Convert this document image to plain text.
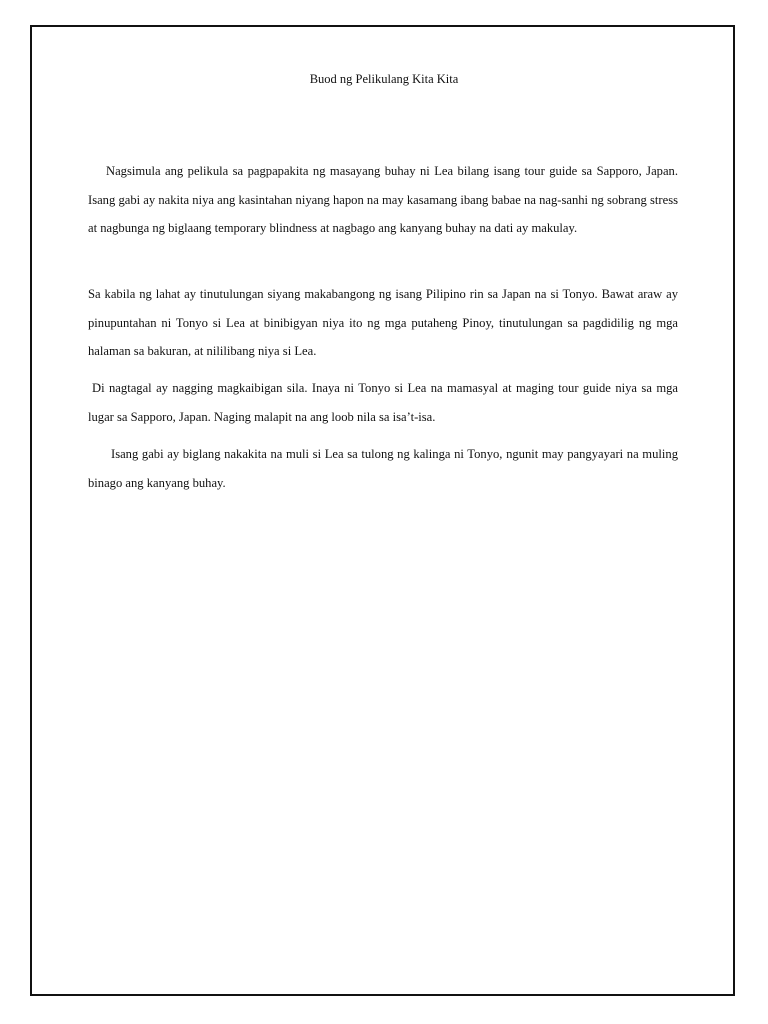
Buod ng Pelikulang Kita Kita

Nagsimula ang pelikula sa pagpapakita ng masayang buhay ni Lea bilang isang tour guide sa Sapporo, Japan. Isang gabi ay nakita niya ang kasintahan niyang hapon na may kasamang ibang babae na nag-sanhi ng sobrang stress at nagbunga ng biglaang temporary blindness at nagbago ang kanyang buhay na dati ay makulay.

Sa kabila ng lahat ay tinutulungan siyang makabangong ng isang Pilipino rin sa Japan na si Tonyo. Bawat araw ay pinupuntahan ni Tonyo si Lea at binibigyan niya ito ng mga putaheng Pinoy, tinutulungan sa pagdidilig ng mga halaman sa bakuran, at nililibang niya si Lea.

Di nagtagal ay nagging magkaibigan sila. Inaya ni Tonyo si Lea na mamasyal at maging tour guide niya sa mga lugar sa Sapporo, Japan. Naging malapit na ang loob nila sa isa’t-isa.

Isang gabi ay biglang nakakita na muli si Lea sa tulong ng kalinga ni Tonyo, ngunit may pangyayari na muling binago ang kanyang buhay.
